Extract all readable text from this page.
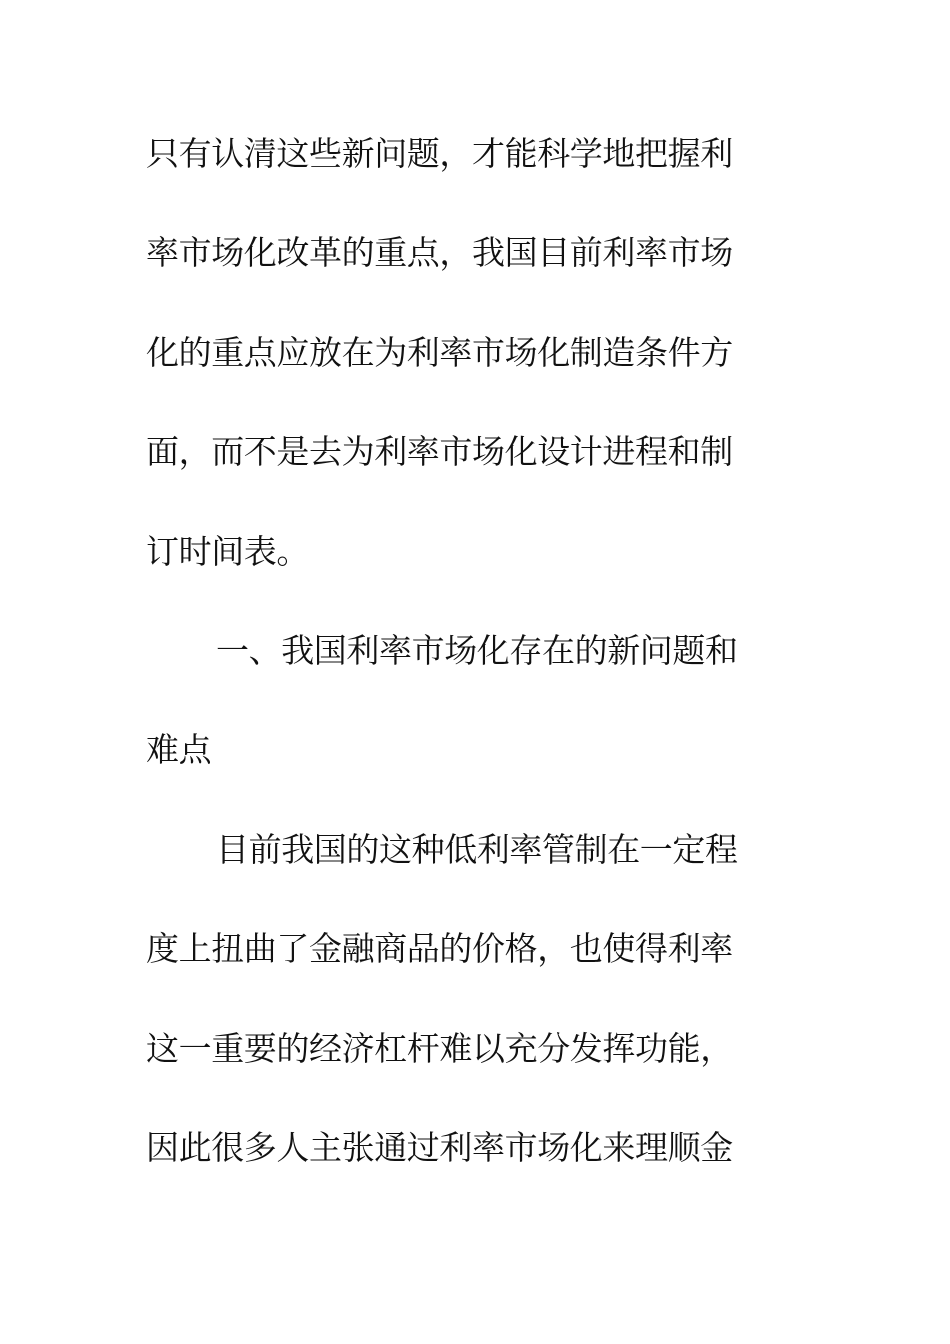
只有认清这些新问题，才能科学地把握利
率市场化改革的重点，我国目前利率市场
化的重点应放在为利率市场化制造条件方
面，而不是去为利率市场化设计进程和制
订时间表。
一、我国利率市场化存在的新问题和
难点
目前我国的这种低利率管制在一定程
度上扭曲了金融商品的价格，也使得利率
这一重要的经济杠杆难以充分发挥功能，
因此很多人主张通过利率市场化来理顺金
